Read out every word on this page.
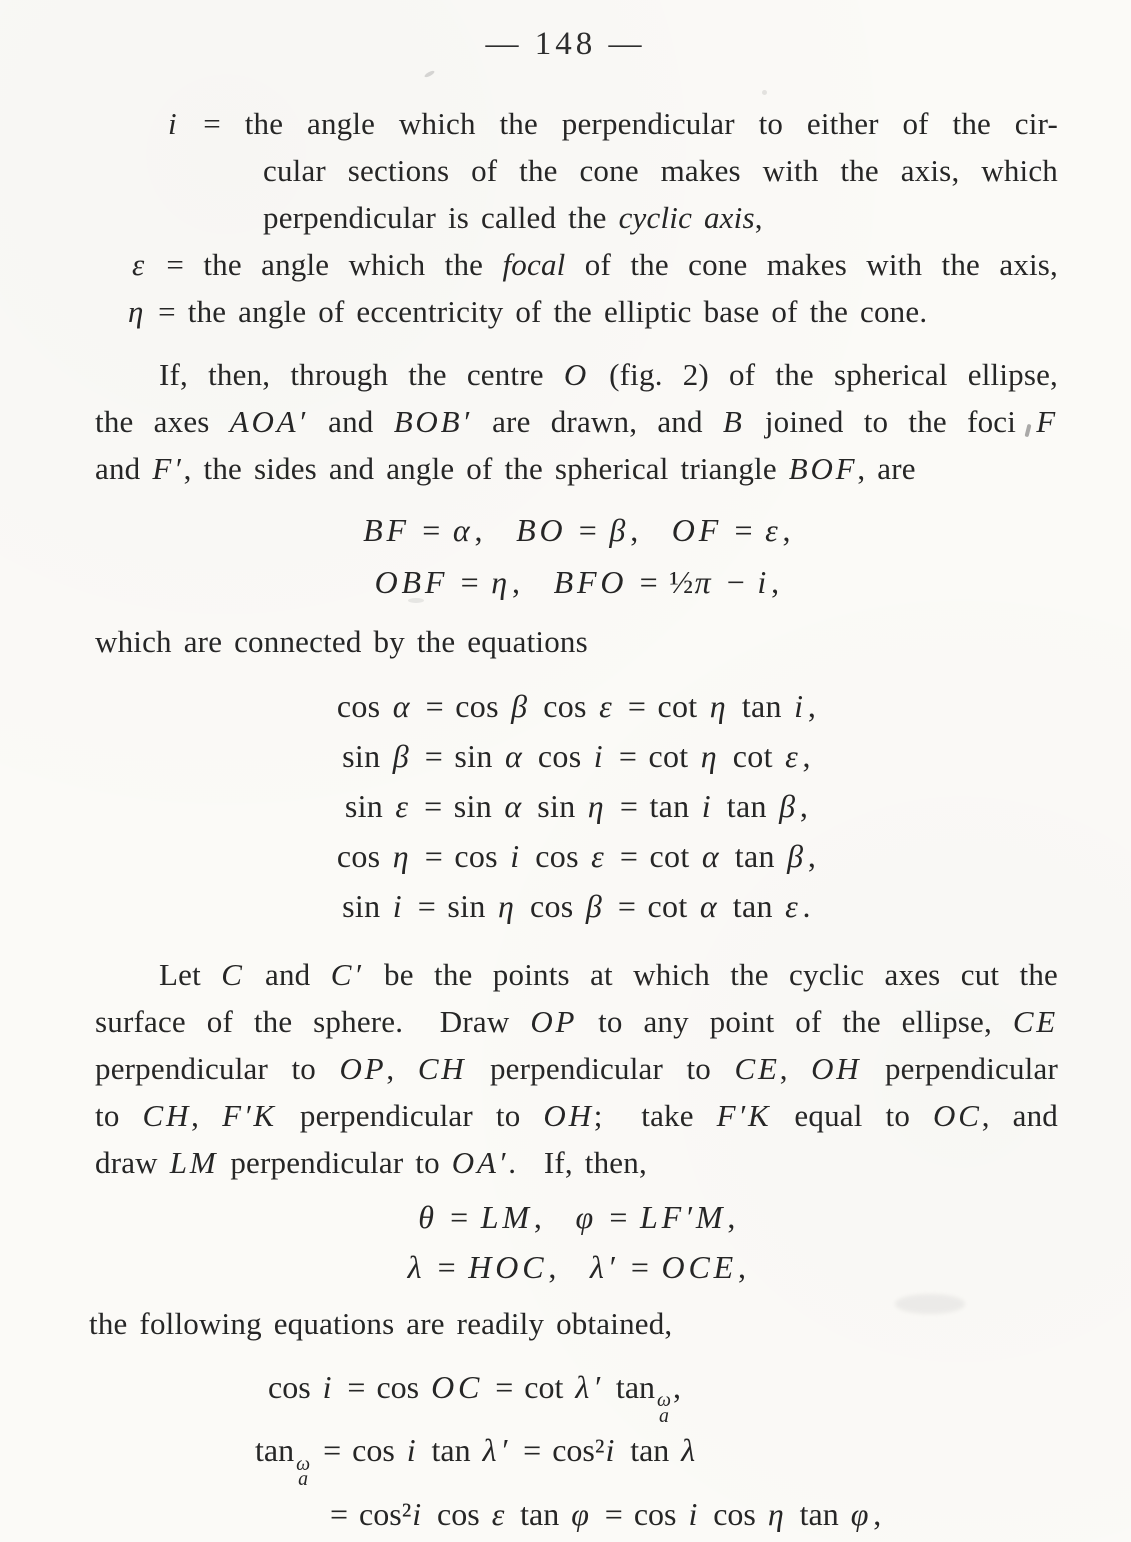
— 148 —

i = the angle which the perpendicular to either of the cir-

cular sections of the cone makes with the axis, which

perpendicular is called the cyclic axis,

ε = the angle which the focal of the cone makes with the axis,

η = the angle of eccentricity of the elliptic base of the cone.

If, then, through the centre O (fig. 2) of the spherical ellipse,

the axes AOA′ and BOB′ are drawn, and B joined to the foci F

and F′, the sides and angle of the spherical triangle BOF, are

BF = α, BO = β, OF = ε,

OBF = η, BFO = ½π − i,

which are connected by the equations

cos α = cos β cos ε = cot η tan i,

sin β = sin α cos i = cot η cot ε,

sin ε = sin α sin η = tan i tan β,

cos η = cos i cos ε = cot α tan β,

sin i = sin η cos β = cot α tan ε.

Let C and C′ be the points at which the cyclic axes cut the

surface of the sphere.  Draw OP to any point of the ellipse, CE

perpendicular to OP, CH perpendicular to CE, OH perpendicular

to CH, F′K perpendicular to OH;  take F′K equal to OC, and

draw LM perpendicular to OA′.  If, then,

θ = LM, φ = LF′M,

λ = HOC, λ′ = OCE,

the following equations are readily obtained,

cos i = cos OC = cot λ′ tan ω
a
,

tan ω
a
= cos i tan λ′ = cos²i tan λ

= cos²i cos ε tan φ = cos i cos η tan φ,
